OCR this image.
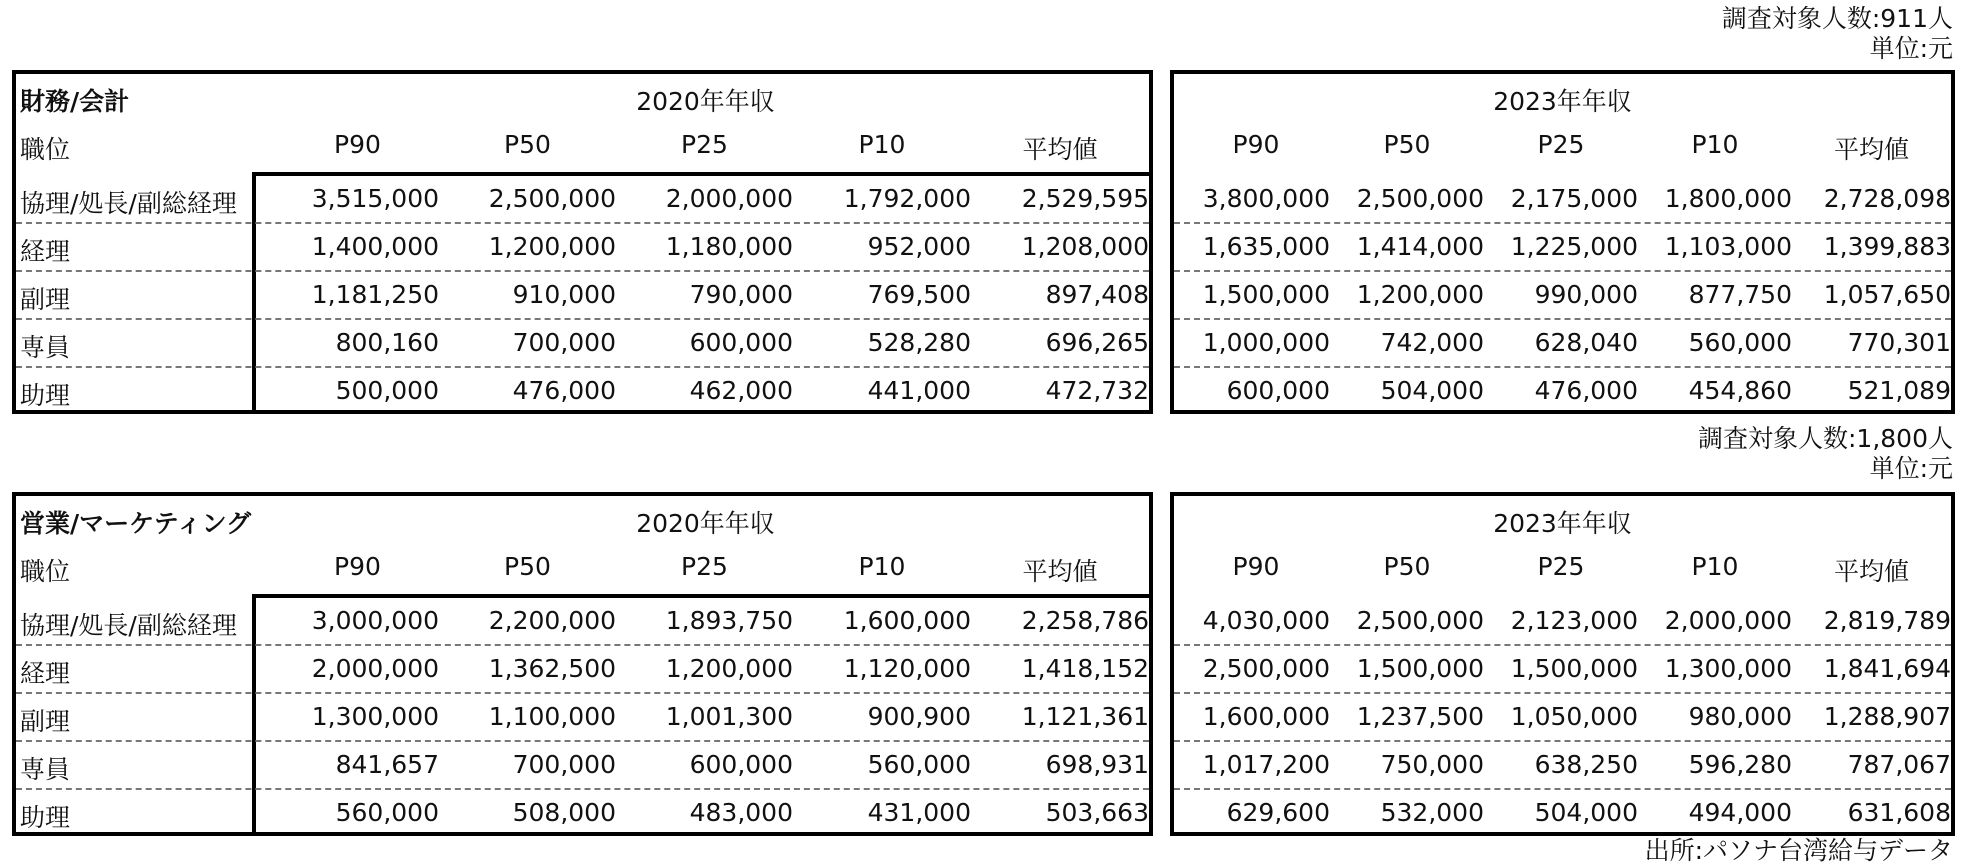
調査対象人数:911人
単位:元
財務/会計	2020年年収
職位	P90	P50	P25	P10	平均値
協理/処長/副総経理	3,515,000	2,500,000	2,000,000	1,792,000	2,529,595
経理	1,400,000	1,200,000	1,180,000	952,000	1,208,000
副理	1,181,250	910,000	790,000	769,500	897,408
専員	800,160	700,000	600,000	528,280	696,265
助理	500,000	476,000	462,000	441,000	472,732
2023年年収
P90	P50	P25	P10	平均値
3,800,000	2,500,000	2,175,000	1,800,000	2,728,098
1,635,000	1,414,000	1,225,000	1,103,000	1,399,883
1,500,000	1,200,000	990,000	877,750	1,057,650
1,000,000	742,000	628,040	560,000	770,301
600,000	504,000	476,000	454,860	521,089
調査対象人数:1,800人
単位:元
営業/マーケティング	2020年年収
職位	P90	P50	P25	P10	平均値
協理/処長/副総経理	3,000,000	2,200,000	1,893,750	1,600,000	2,258,786
経理	2,000,000	1,362,500	1,200,000	1,120,000	1,418,152
副理	1,300,000	1,100,000	1,001,300	900,900	1,121,361
専員	841,657	700,000	600,000	560,000	698,931
助理	560,000	508,000	483,000	431,000	503,663
2023年年収
P90	P50	P25	P10	平均値
4,030,000	2,500,000	2,123,000	2,000,000	2,819,789
2,500,000	1,500,000	1,500,000	1,300,000	1,841,694
1,600,000	1,237,500	1,050,000	980,000	1,288,907
1,017,200	750,000	638,250	596,280	787,067
629,600	532,000	504,000	494,000	631,608
出所:パソナ台湾給与データ
